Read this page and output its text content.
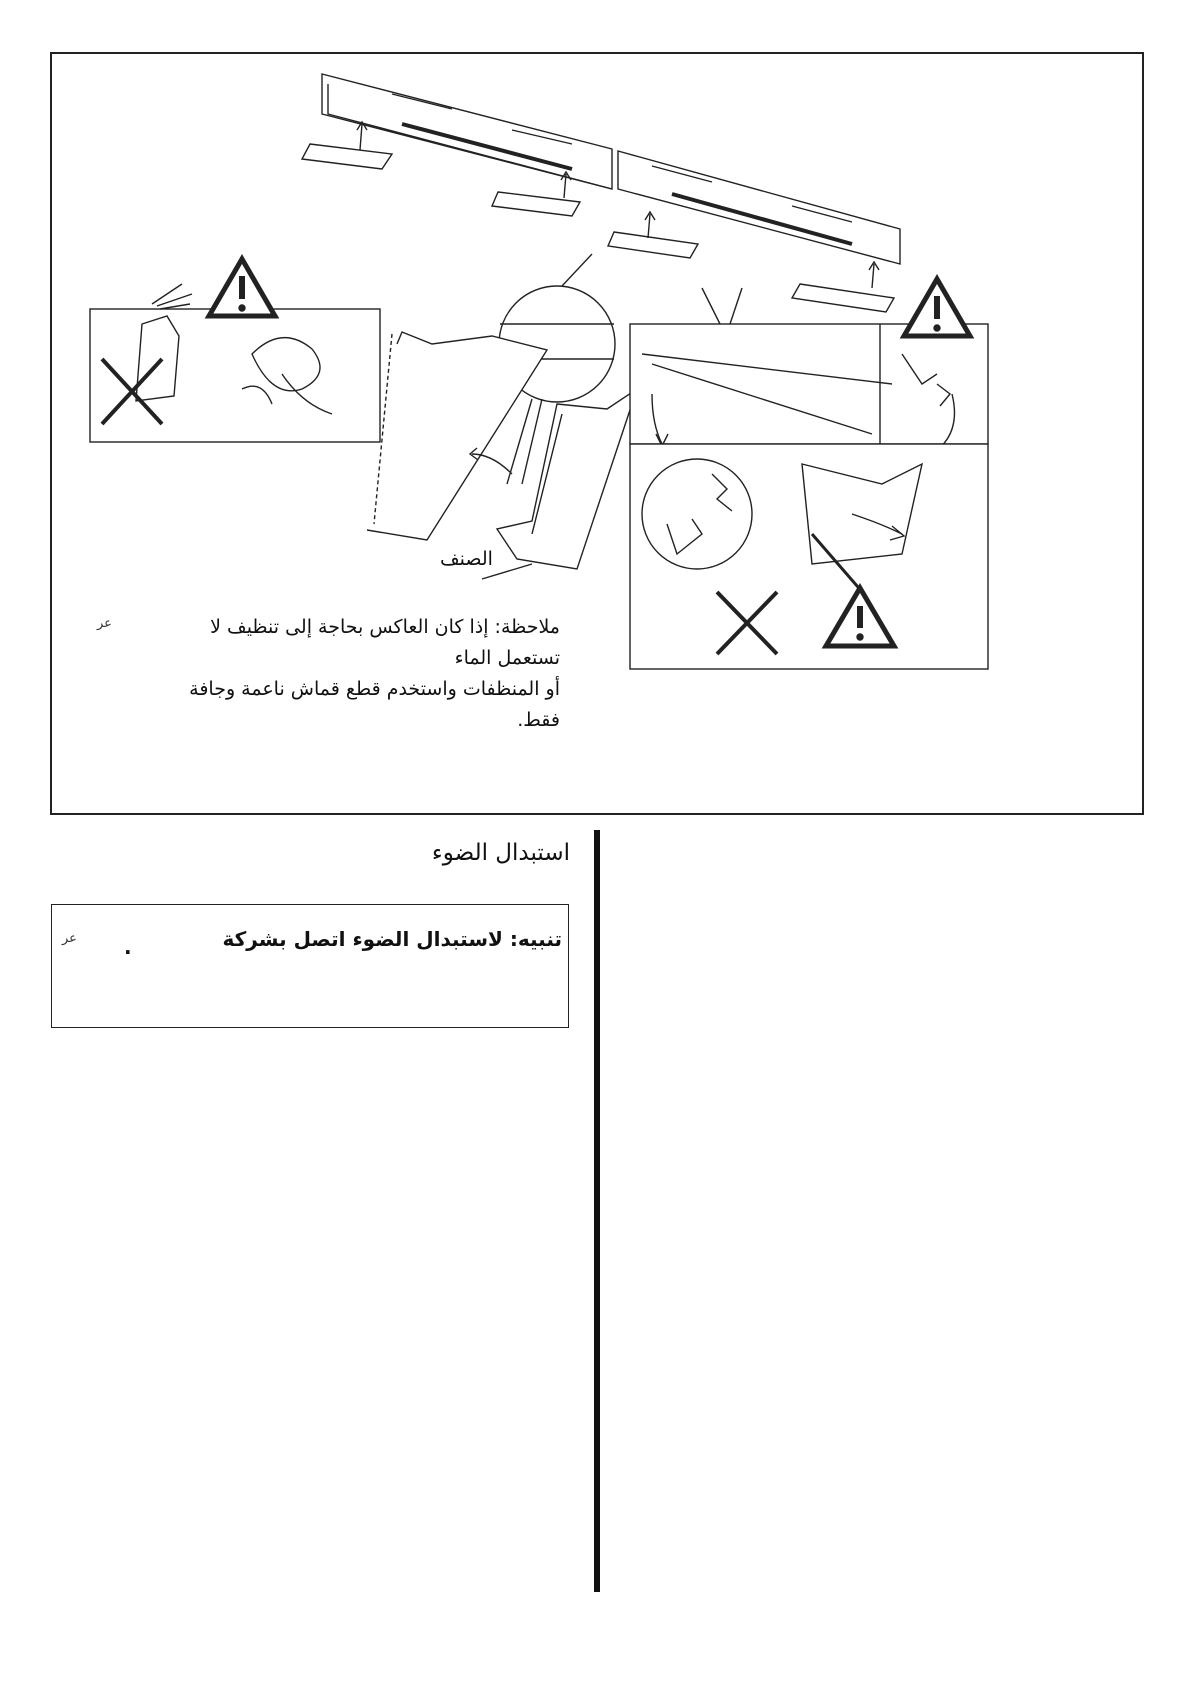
الصنف
عر	ملاحظة: إذا كان العاكس بحاجة إلى تنظيف لا تستعمل الماء
أو المنظفات واستخدم قطع قماش ناعمة وجافة فقط.
استبدال الضوء
تنبيه: لاستبدال الضوء اتصل بشركة
.
عر
